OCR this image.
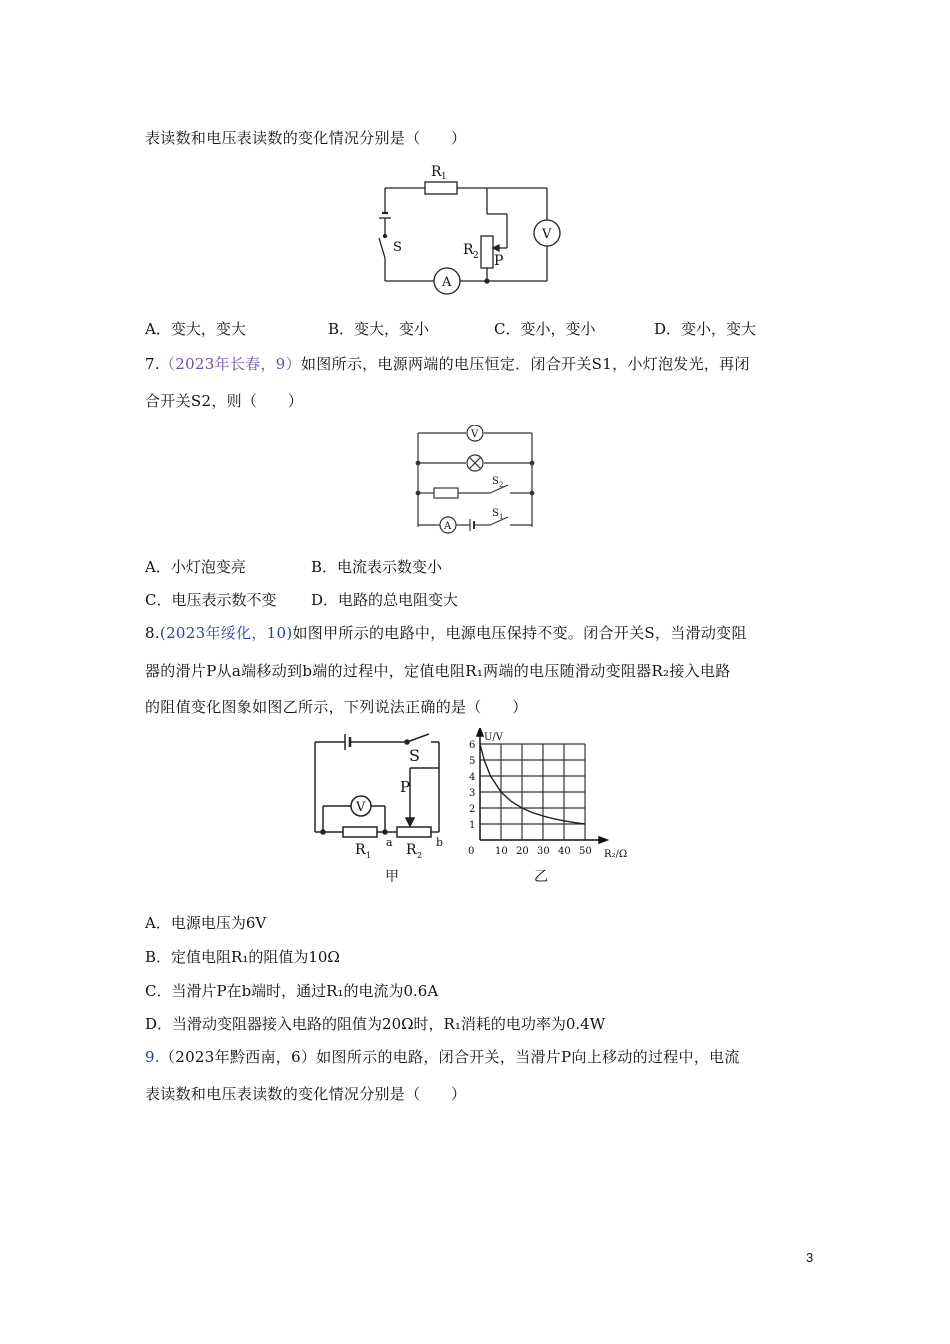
表读数和电压表读数的变化情况分别是（　　）
R 1
R 2 P
S
V
A
A．变大，变大	B．变大，变小	C．变小，变小	D．变小，变大
7.（2023年长春，9）如图所示，电源两端的电压恒定．闭合开关S1，小灯泡发光，再闭
合开关S2，则（　　）
V
A
S 2
S 1
A．小灯泡变亮	B．电流表示数变小
C．电压表示数不变 D．电路的总电阻变大
8.(2023年绥化，10)如图甲所示的电路中，电源电压保持不变。闭合开关S，当滑动变阻
器的滑片P从a端移动到b端的过程中，定值电阻R₁两端的电压随滑动变阻器R₂接入电路
的阻值变化图象如图乙所示，下列说法正确的是（　　）
S
V
P
R 1 R 2
a	b
甲
0 10 20 30 40 50
1
2
3
4
5
6
U/V
R₂/Ω
乙
A．电源电压为6V
B．定值电阻R₁的阻值为10Ω
C．当滑片P在b端时，通过R₁的电流为0.6A
D．当滑动变阻器接入电路的阻值为20Ω时，R₁消耗的电功率为0.4W
9.（2023年黔西南，6）如图所示的电路，闭合开关，当滑片P向上移动的过程中，电流
表读数和电压表读数的变化情况分别是（　　）
3
